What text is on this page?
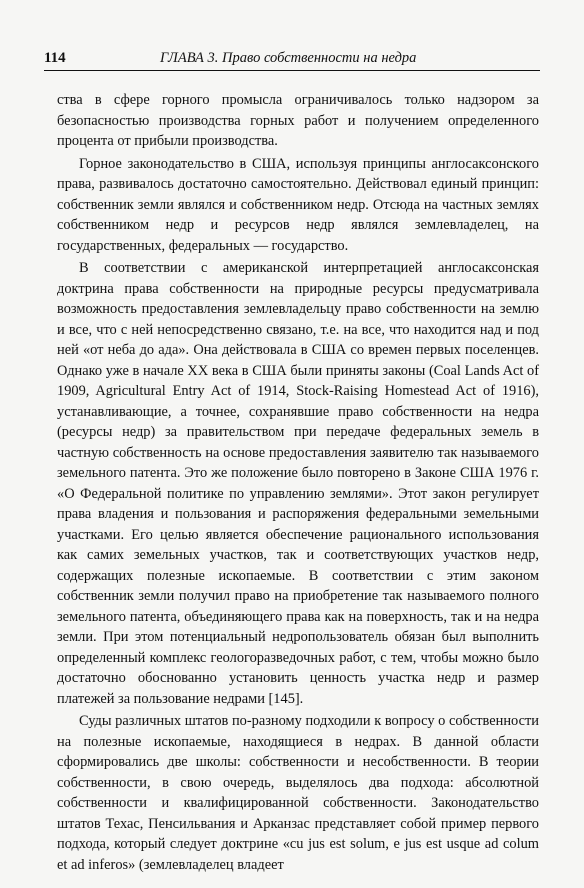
114	ГЛАВА 3. Право собственности на недра

ства в сфере горного промысла ограничивалось только надзором за безопасностью производства горных работ и получением определенного процента от прибыли производства.

Горное законодательство в США, используя принципы англосаксонского права, развивалось достаточно самостоятельно. Действовал единый принцип: собственник земли являлся и собственником недр. Отсюда на частных землях собственником недр и ресурсов недр являлся землевладелец, на государственных, федеральных — государство.

В соответствии с американской интерпретацией англосаксонская доктрина права собственности на природные ресурсы предусматривала возможность предоставления землевладельцу право собственности на землю и все, что с ней непосредственно связано, т.е. на все, что находится над и под ней «от неба до ада». Она действовала в США со времен первых поселенцев. Однако уже в начале XX века в США были приняты законы (Coal Lands Act of 1909, Agricultural Entry Act of 1914, Stock-Raising Homestead Act of 1916), устанавливающие, а точнее, сохранявшие право собственности на недра (ресурсы недр) за правительством при передаче федеральных земель в частную собственность на основе предоставления заявителю так называемого земельного патента. Это же положение было повторено в Законе США 1976 г. «О Федеральной политике по управлению землями». Этот закон регулирует права владения и пользования и распоряжения федеральными земельными участками. Его целью является обеспечение рационального использования как самих земельных участков, так и соответствующих участков недр, содержащих полезные ископаемые. В соответствии с этим законом собственник земли получил право на приобретение так называемого полного земельного патента, объединяющего права как на поверхность, так и на недра земли. При этом потенциальный недропользователь обязан был выполнить определенный комплекс геологоразведочных работ, с тем, чтобы можно было достаточно обоснованно установить ценность участка недр и размер платежей за пользование недрами [145].

Суды различных штатов по-разному подходили к вопросу о собственности на полезные ископаемые, находящиеся в недрах. В данной области сформировались две школы: собственности и несобственности. В теории собственности, в свою очередь, выделялось два подхода: абсолютной собственности и квалифицированной собственности. Законодательство штатов Техас, Пенсильвания и Арканзас представляет собой пример первого подхода, который следует доктрине «cu jus est solum, e jus est usque ad colum et ad inferos» (землевладелец владеет
